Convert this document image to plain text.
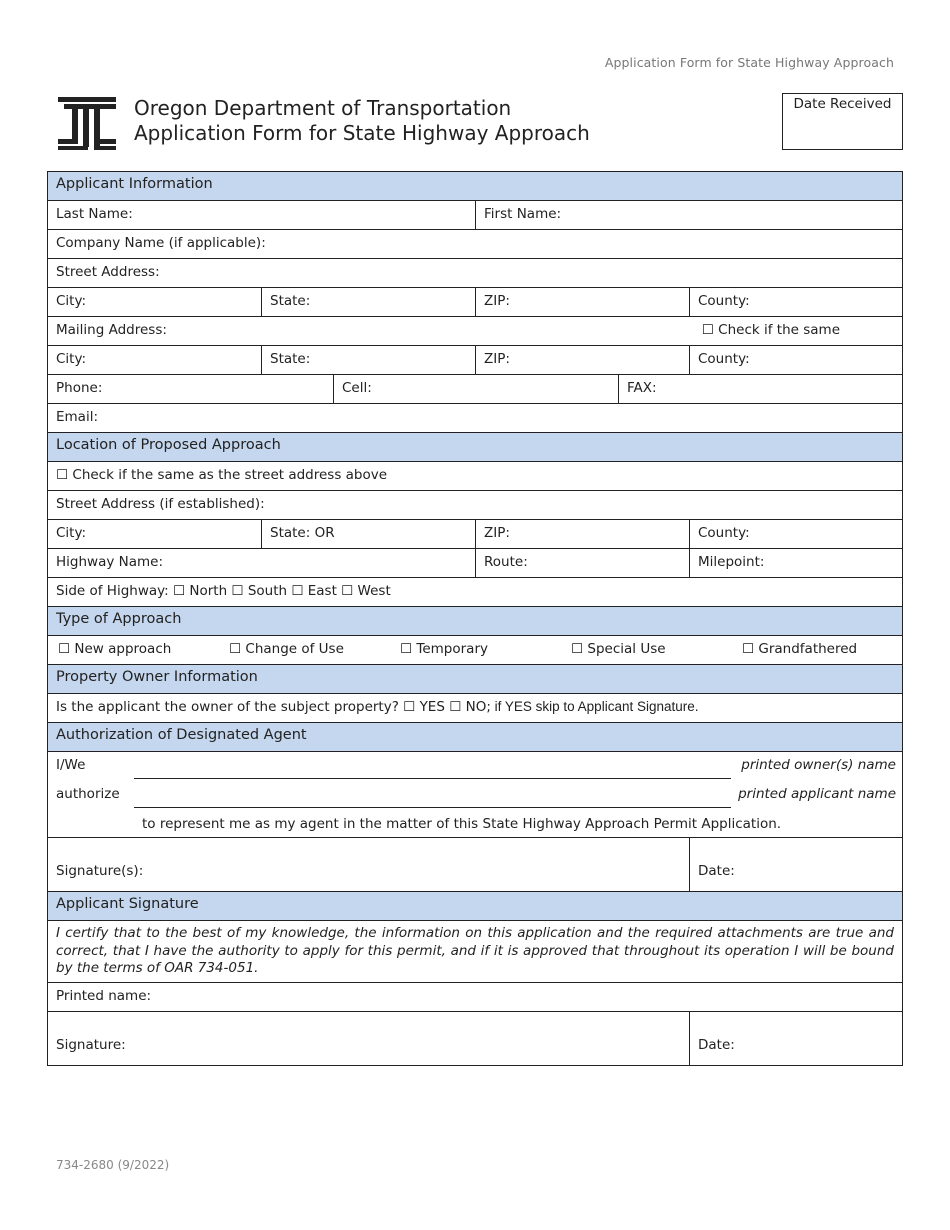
Application Form for State Highway Approach
Oregon Department of Transportation
Application Form for State Highway Approach
Date Received
Applicant Information
Last Name:	First Name:
Company Name (if applicable):
Street Address:
City:	State:	ZIP:	County:
Mailing Address:	☐ Check if the same
City:	State:	ZIP:	County:
Phone:	Cell:	FAX:
Email:
Location of Proposed Approach
☐ Check if the same as the street address above
Street Address (if established):
City:	State: OR	ZIP:	County:
Highway Name:	Route:	Milepoint:
Side of Highway: ☐ North ☐ South ☐ East ☐ West
Type of Approach
☐ New approach	☐ Change of Use	☐ Temporary	☐ Special Use	☐ Grandfathered
Property Owner Information
Is the applicant the owner of the subject property? ☐ YES ☐ NO; if YES skip to Applicant Signature.
Authorization of Designated Agent
I/We	printed owner(s) name
authorize	printed applicant name
to represent me as my agent in the matter of this State Highway Approach Permit Application.
Signature(s):	Date:
Applicant Signature
I certify that to the best of my knowledge, the information on this application and the required attachments are true and correct, that I have the authority to apply for this permit, and if it is approved that throughout its operation I will be bound by the terms of OAR 734-051.
Printed name:
Signature:	Date:
734-2680 (9/2022)
